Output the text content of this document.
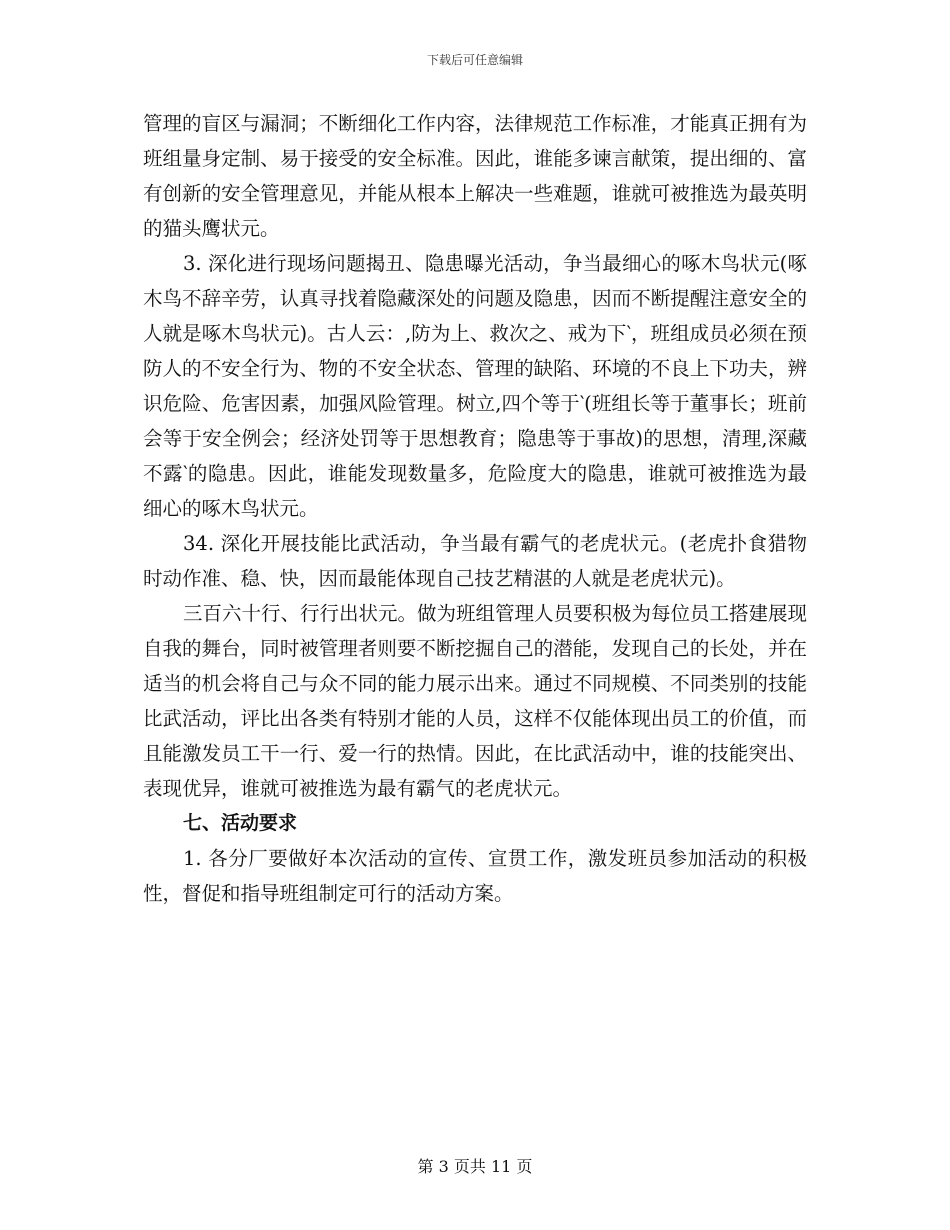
下载后可任意编辑

管理的盲区与漏洞；不断细化工作内容，法律规范工作标准，才能真正拥有为班组量身定制、易于接受的安全标准。因此，谁能多谏言献策，提出细的、富有创新的安全管理意见，并能从根本上解决一些难题，谁就可被推选为最英明的猫头鹰状元。

3. 深化进行现场问题揭丑、隐患曝光活动，争当最细心的啄木鸟状元(啄木鸟不辞辛劳，认真寻找着隐藏深处的问题及隐患，因而不断提醒注意安全的人就是啄木鸟状元)。古人云：,防为上、救次之、戒为下‵，班组成员必须在预防人的不安全行为、物的不安全状态、管理的缺陷、环境的不良上下功夫，辨识危险、危害因素，加强风险管理。树立,四个等于‵(班组长等于董事长；班前会等于安全例会；经济处罚等于思想教育；隐患等于事故)的思想，清理,深藏不露‵的隐患。因此，谁能发现数量多，危险度大的隐患，谁就可被推选为最细心的啄木鸟状元。

34. 深化开展技能比武活动，争当最有霸气的老虎状元。(老虎扑食猎物时动作准、稳、快，因而最能体现自己技艺精湛的人就是老虎状元)。

三百六十行、行行出状元。做为班组管理人员要积极为每位员工搭建展现自我的舞台，同时被管理者则要不断挖掘自己的潜能，发现自己的长处，并在适当的机会将自己与众不同的能力展示出来。通过不同规模、不同类别的技能比武活动，评比出各类有特别才能的人员，这样不仅能体现出员工的价值，而且能激发员工干一行、爱一行的热情。因此，在比武活动中，谁的技能突出、表现优异，谁就可被推选为最有霸气的老虎状元。

七、活动要求

1. 各分厂要做好本次活动的宣传、宣贯工作，激发班员参加活动的积极性，督促和指导班组制定可行的活动方案。

第 3 页共 11 页
